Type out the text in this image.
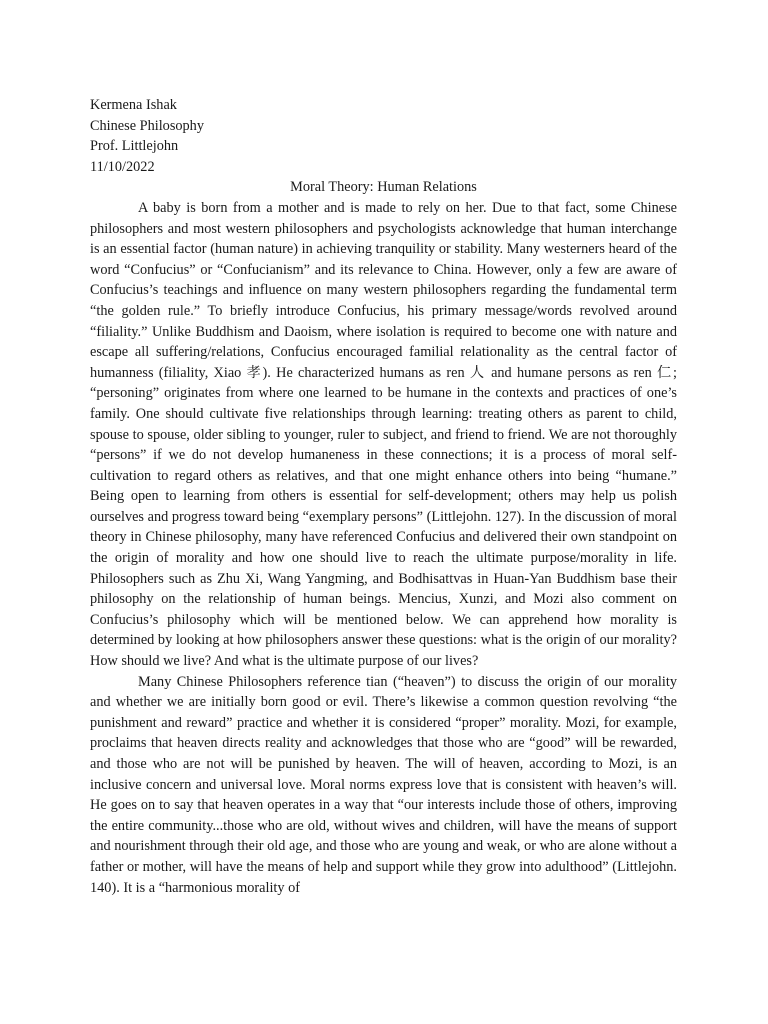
Kermena Ishak
Chinese Philosophy
Prof. Littlejohn
11/10/2022
Moral Theory: Human Relations

A baby is born from a mother and is made to rely on her. Due to that fact, some Chinese philosophers and most western philosophers and psychologists acknowledge that human interchange is an essential factor (human nature) in achieving tranquility or stability. Many westerners heard of the word “Confucius” or “Confucianism” and its relevance to China. However, only a few are aware of Confucius’s teachings and influence on many western philosophers regarding the fundamental term “the golden rule.” To briefly introduce Confucius, his primary message/words revolved around “filiality.” Unlike Buddhism and Daoism, where isolation is required to become one with nature and escape all suffering/relations, Confucius encouraged familial relationality as the central factor of humanness (filiality, Xiao 孝). He characterized humans as ren 人 and humane persons as ren 仁; “personing” originates from where one learned to be humane in the contexts and practices of one’s family. One should cultivate five relationships through learning: treating others as parent to child, spouse to spouse, older sibling to younger, ruler to subject, and friend to friend. We are not thoroughly “persons” if we do not develop humaneness in these connections; it is a process of moral self-cultivation to regard others as relatives, and that one might enhance others into being “humane.” Being open to learning from others is essential for self-development; others may help us polish ourselves and progress toward being “exemplary persons” (Littlejohn. 127). In the discussion of moral theory in Chinese philosophy, many have referenced Confucius and delivered their own standpoint on the origin of morality and how one should live to reach the ultimate purpose/morality in life. Philosophers such as Zhu Xi, Wang Yangming, and Bodhisattvas in Huan-Yan Buddhism base their philosophy on the relationship of human beings. Mencius, Xunzi, and Mozi also comment on Confucius’s philosophy which will be mentioned below. We can apprehend how morality is determined by looking at how philosophers answer these questions: what is the origin of our morality? How should we live? And what is the ultimate purpose of our lives?

Many Chinese Philosophers reference tian (“heaven”) to discuss the origin of our morality and whether we are initially born good or evil. There’s likewise a common question revolving “the punishment and reward” practice and whether it is considered “proper” morality. Mozi, for example, proclaims that heaven directs reality and acknowledges that those who are “good” will be rewarded, and those who are not will be punished by heaven. The will of heaven, according to Mozi, is an inclusive concern and universal love. Moral norms express love that is consistent with heaven’s will. He goes on to say that heaven operates in a way that “our interests include those of others, improving the entire community...those who are old, without wives and children, will have the means of support and nourishment through their old age, and those who are young and weak, or who are alone without a father or mother, will have the means of help and support while they grow into adulthood” (Littlejohn. 140). It is a “harmonious morality of
